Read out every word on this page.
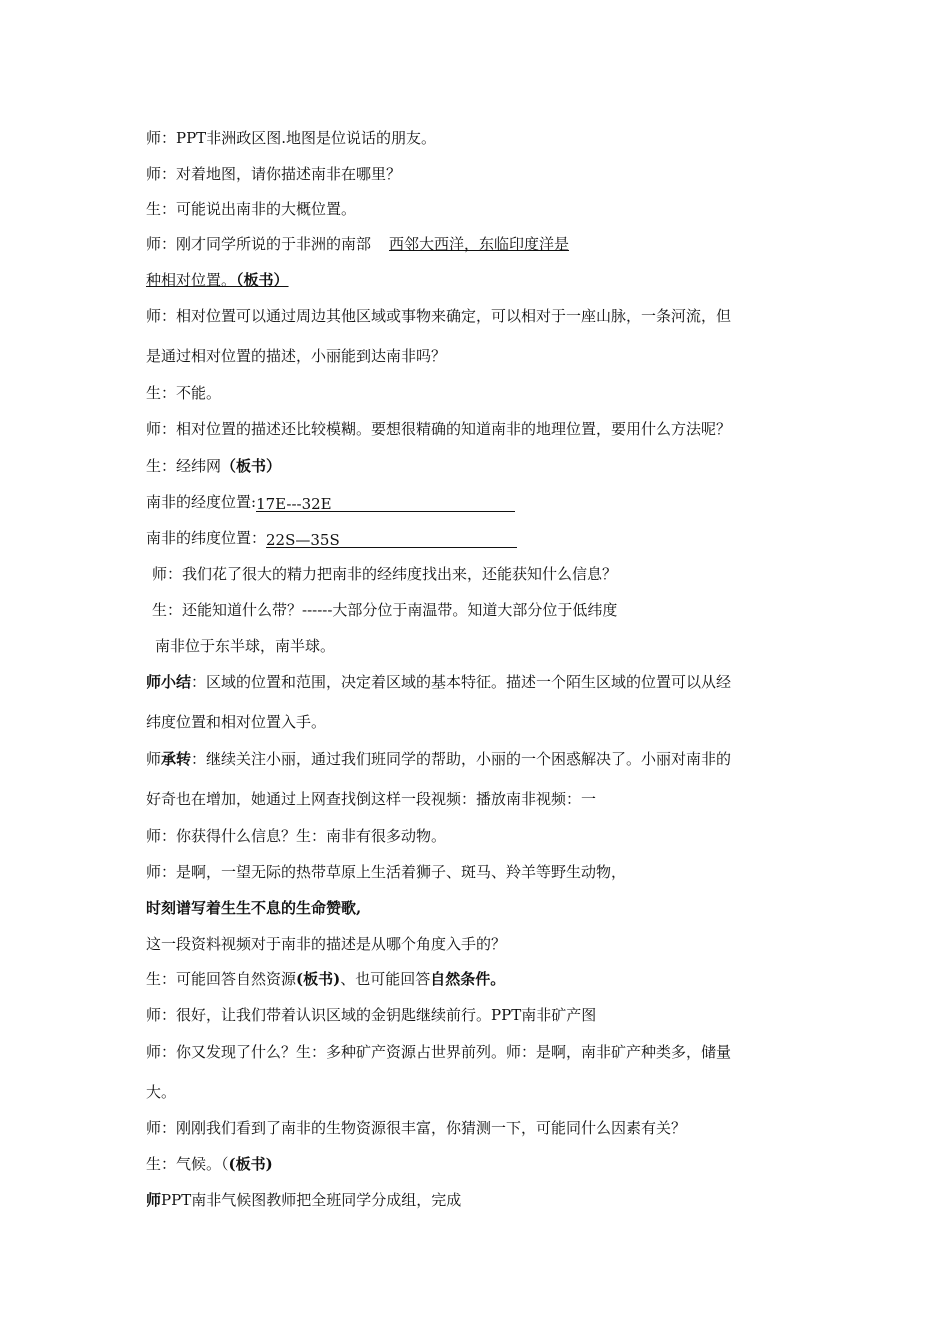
师：PPT非洲政区图.地图是位说话的朋友。
师：对着地图，请你描述南非在哪里？
生：可能说出南非的大概位置。
师：刚才同学所说的于非洲的南部 西邻大西洋，东临印度洋是
种相对位置。（板书）
师：相对位置可以通过周边其他区域或事物来确定，可以相对于一座山脉，一条河流，但
是通过相对位置的描述，小丽能到达南非吗？
生：不能。
师：相对位置的描述还比较模糊。要想很精确的知道南非的地理位置，要用什么方法呢？
生：经纬网（板书）
南非的经度位置:17E---32E
南非的纬度位置：22S—35S
师：我们花了很大的精力把南非的经纬度找出来，还能获知什么信息？
生：还能知道什么带？------大部分位于南温带。知道大部分位于低纬度
南非位于东半球，南半球。
师小结：区域的位置和范围，决定着区域的基本特征。描述一个陌生区域的位置可以从经
纬度位置和相对位置入手。
师承转：继续关注小丽，通过我们班同学的帮助，小丽的一个困惑解决了。小丽对南非的
好奇也在增加，她通过上网查找倒这样一段视频：播放南非视频：一
师：你获得什么信息？生：南非有很多动物。
师：是啊，一望无际的热带草原上生活着狮子、斑马、羚羊等野生动物，
时刻谱写着生生不息的生命赞歌,
这一段资料视频对于南非的描述是从哪个角度入手的？
生：可能回答自然资源(板书)、也可能回答自然条件。
师：很好，让我们带着认识区域的金钥匙继续前行。PPT南非矿产图
师：你又发现了什么？生：多种矿产资源占世界前列。师：是啊，南非矿产种类多，储量
大。
师：刚刚我们看到了南非的生物资源很丰富，你猜测一下，可能同什么因素有关？
生：气候。（(板书)
师PPT南非气候图教师把全班同学分成组，完成
